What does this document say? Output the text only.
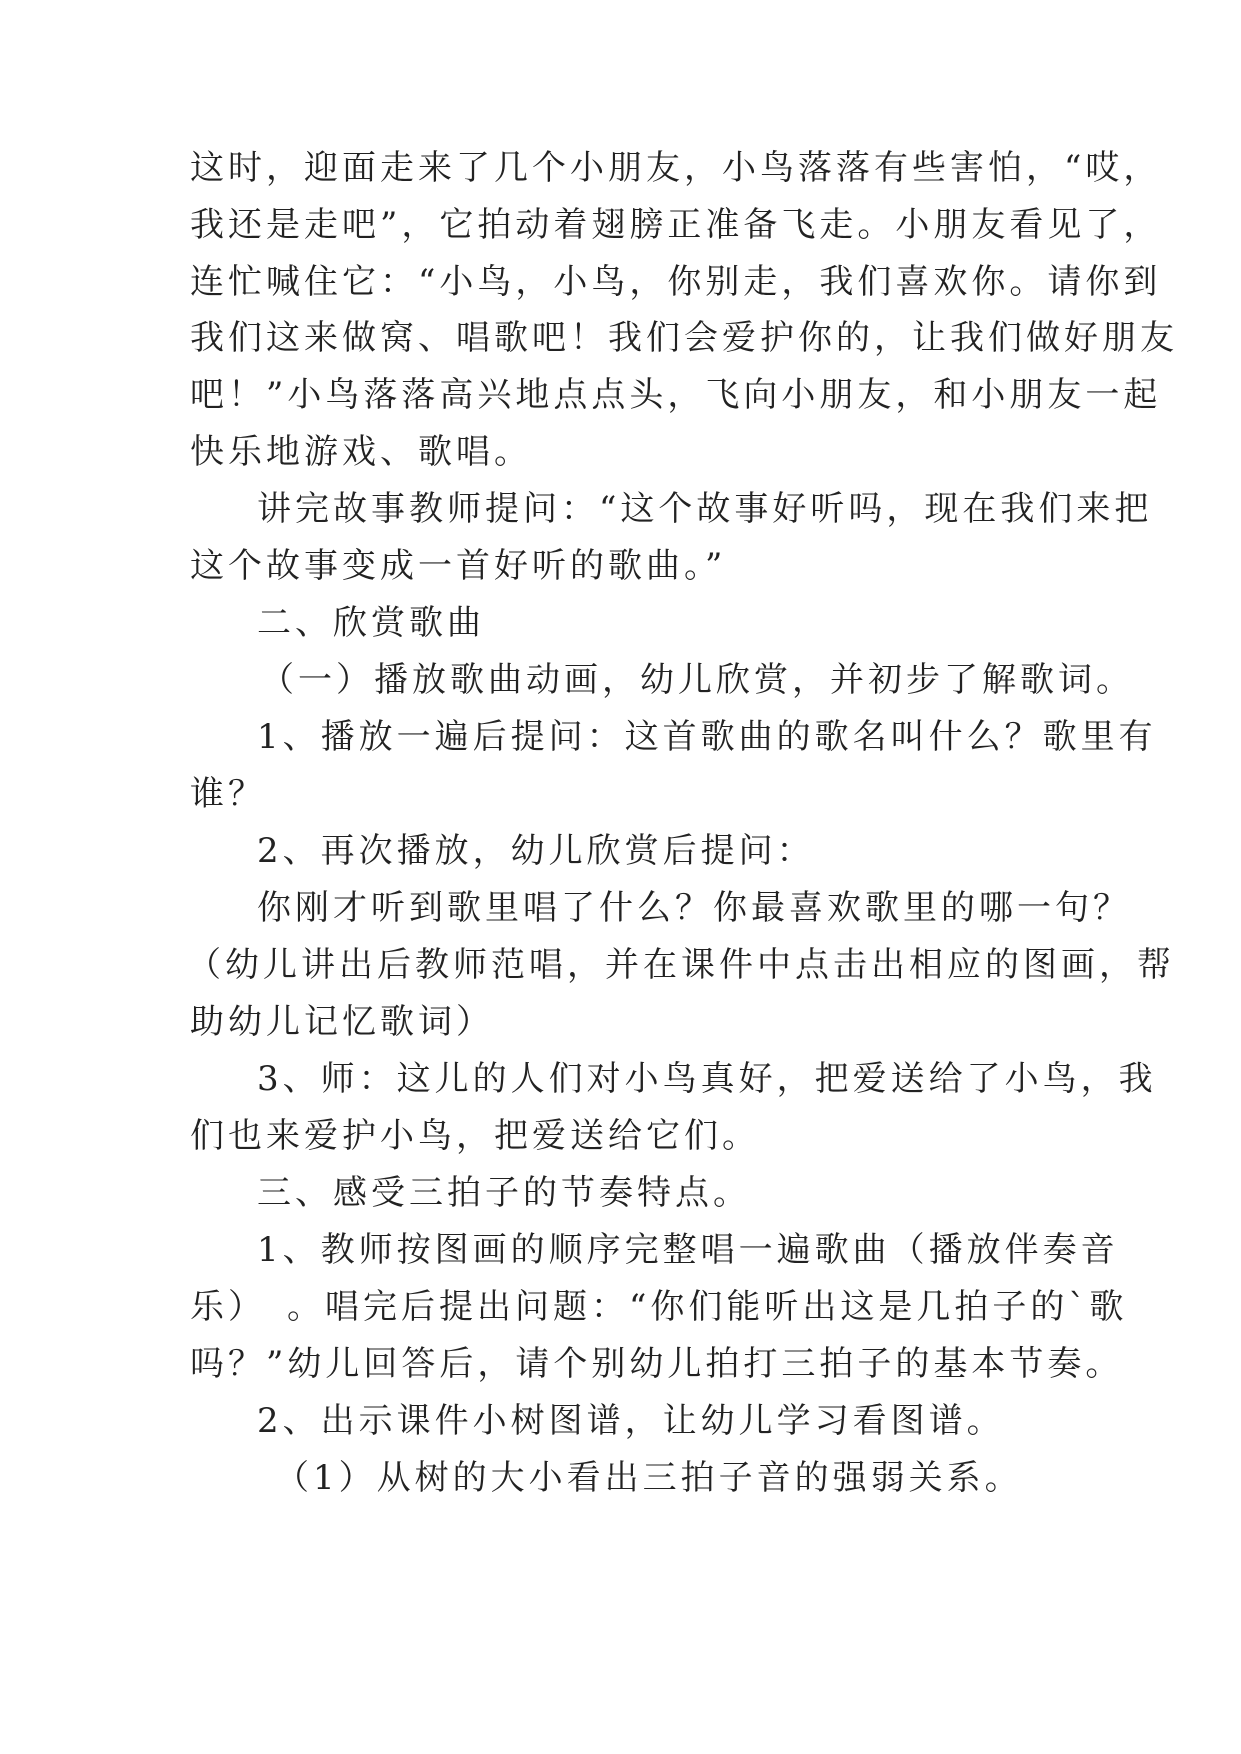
这时，迎面走来了几个小朋友，小鸟落落有些害怕，“哎，
我还是走吧”，它拍动着翅膀正准备飞走。小朋友看见了，
连忙喊住它：“小鸟，小鸟，你别走，我们喜欢你。请你到
我们这来做窝、唱歌吧！我们会爱护你的，让我们做好朋友
吧！”小鸟落落高兴地点点头，飞向小朋友，和小朋友一起
快乐地游戏、歌唱。
讲完故事教师提问：“这个故事好听吗，现在我们来把
这个故事变成一首好听的歌曲。”
二、欣赏歌曲
（一）播放歌曲动画，幼儿欣赏，并初步了解歌词。
1、播放一遍后提问：这首歌曲的歌名叫什么？歌里有
谁？
2、再次播放，幼儿欣赏后提问：
你刚才听到歌里唱了什么？你最喜欢歌里的哪一句？
（幼儿讲出后教师范唱，并在课件中点击出相应的图画，帮
助幼儿记忆歌词）
3、师：这儿的人们对小鸟真好，把爱送给了小鸟，我
们也来爱护小鸟，把爱送给它们。
三、感受三拍子的节奏特点。
1、教师按图画的顺序完整唱一遍歌曲（播放伴奏音
乐）　。唱完后提出问题：“你们能听出这是几拍子的`歌
吗？”幼儿回答后，请个别幼儿拍打三拍子的基本节奏。
2、出示课件小树图谱，让幼儿学习看图谱。
（1）从树的大小看出三拍子音的强弱关系。
